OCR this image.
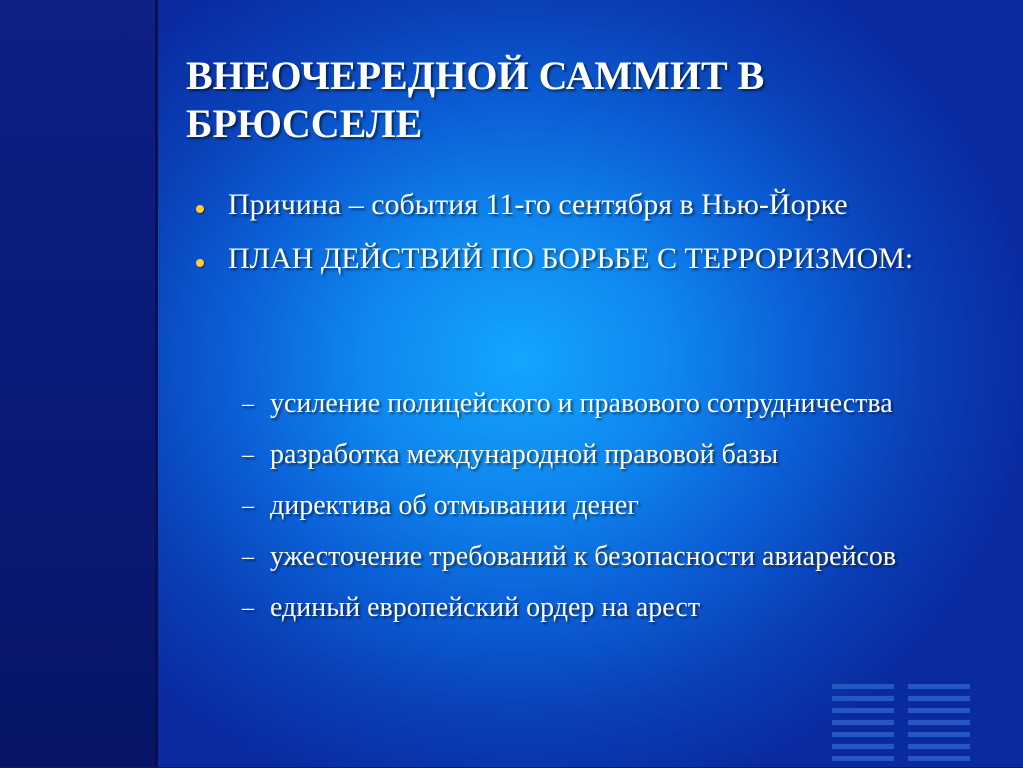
ВНЕОЧЕРЕДНОЙ САММИТ В БРЮССЕЛЕ
Причина – события 11-го сентября в Нью-Йорке
ПЛАН ДЕЙСТВИЙ ПО БОРЬБЕ С ТЕРРОРИЗМОМ:
– усиление полицейского и правового сотрудничества
– разработка международной правовой базы
– директива об отмывании денег
– ужесточение требований к безопасности авиарейсов
– единый европейский ордер на арест
